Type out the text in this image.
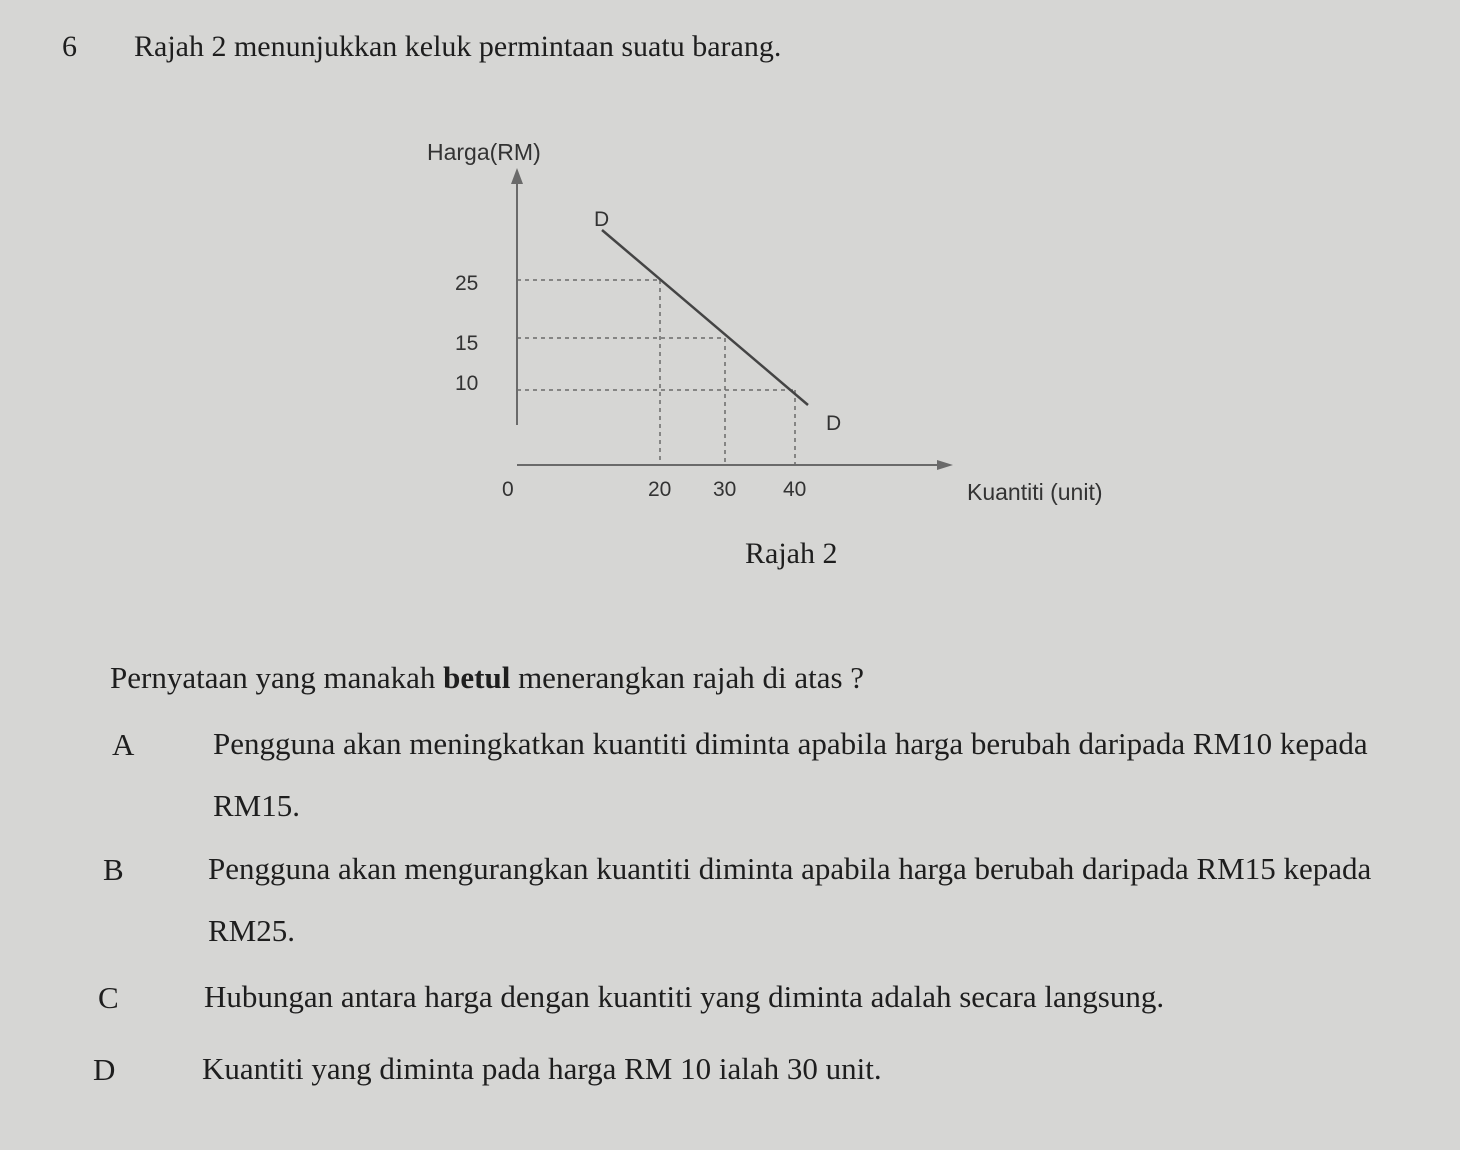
6 Rajah 2 menunjukkan keluk permintaan suatu barang.
20 30 40
25
15
10
Harga(RM)
Kuantiti (unit)
0
D
D
Rajah 2
Pernyataan yang manakah betul menerangkan rajah di atas ?
A	Pengguna akan meningkatkan kuantiti diminta apabila harga berubah daripada RM10 kepada RM15.
B	Pengguna akan mengurangkan kuantiti diminta apabila harga berubah daripada RM15 kepada RM25.
C	Hubungan antara harga dengan kuantiti yang diminta adalah secara langsung.
D	Kuantiti yang diminta pada harga RM 10 ialah 30 unit.
